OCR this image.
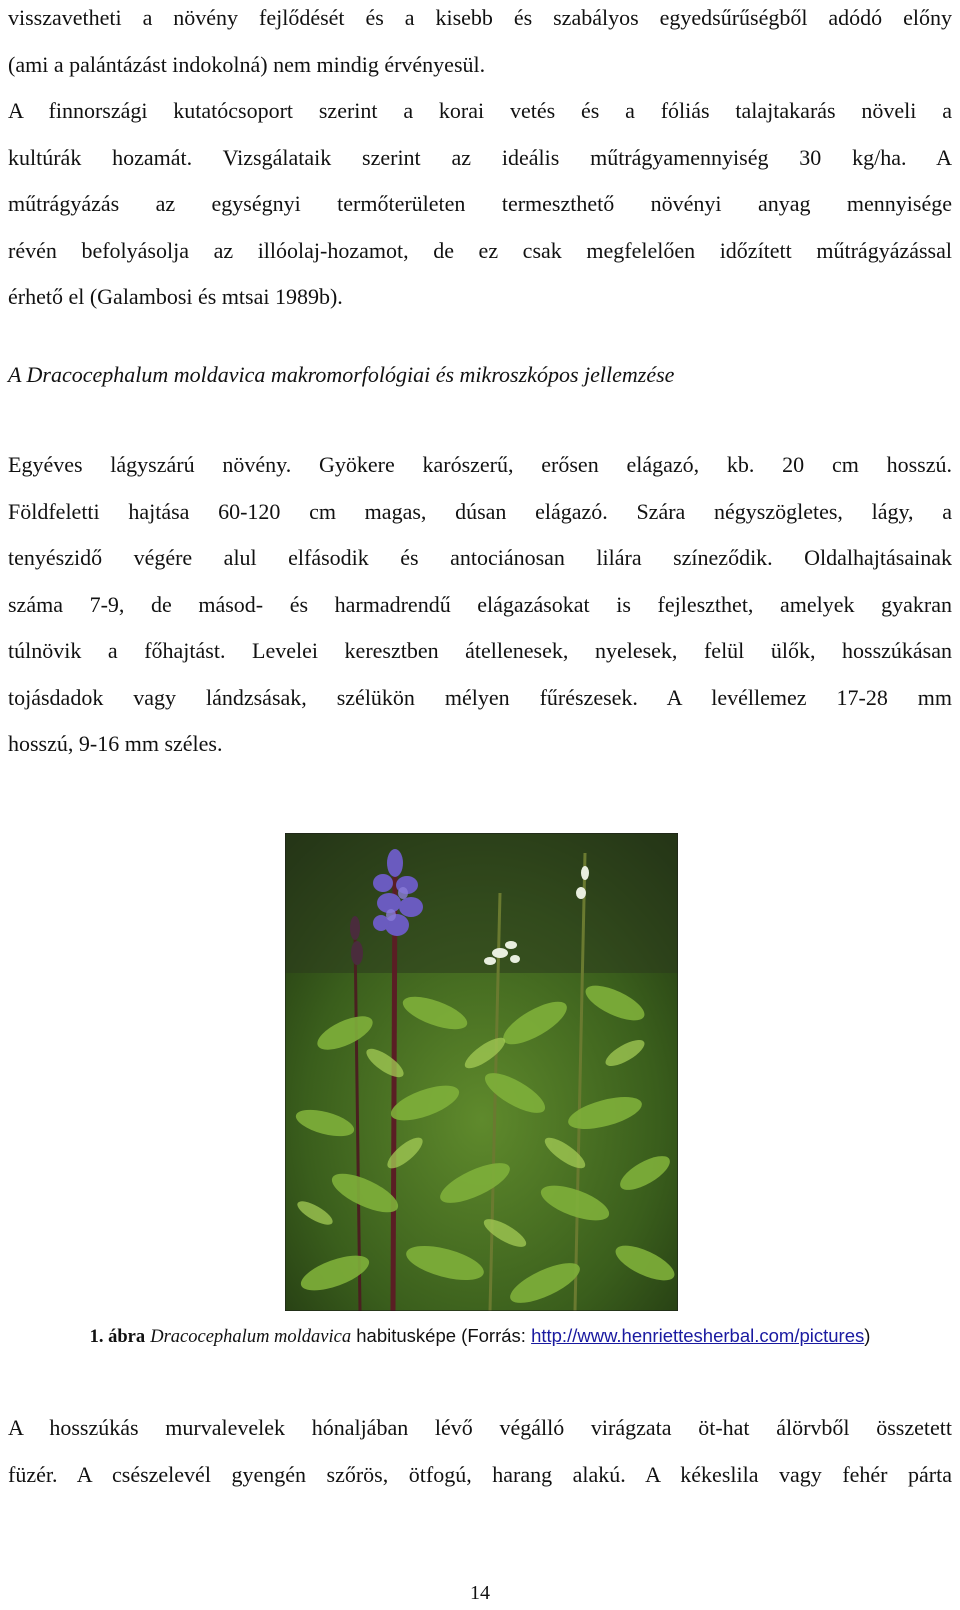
visszavetheti a növény fejlődését és a kisebb és szabályos egyedsűrűségből adódó előny
(ami a palántázást indokolná) nem mindig érvényesül.
A finnországi kutatócsoport szerint a korai vetés és a fóliás talajtakarás növeli a
kultúrák hozamát. Vizsgálataik szerint az ideális műtrágyamennyiség 30 kg/ha. A
műtrágyázás az egységnyi termőterületen termeszthető növényi anyag mennyisége
révén befolyásolja az illóolaj-hozamot, de ez csak megfelelően időzített műtrágyázással
érhető el (Galambosi és mtsai 1989b).
A Dracocephalum moldavica makromorfológiai és mikroszkópos jellemzése
Egyéves lágyszárú növény. Gyökere karószerű, erősen elágazó, kb. 20 cm hosszú.
Földfeletti hajtása 60-120 cm magas, dúsan elágazó. Szára négyszögletes, lágy, a
tenyészidő végére alul elfásodik és antociánosan lilára színeződik. Oldalhajtásainak
száma 7-9, de másod- és harmadrendű elágazásokat is fejleszthet, amelyek gyakran
túlnövik a főhajtást. Levelei keresztben átellenesek, nyelesek, felül ülők, hosszúkásan
tojásdadok vagy lándzsásak, szélükön mélyen fűrészesek. A levéllemez 17-28 mm
hosszú, 9-16 mm széles.
1. ábra Dracocephalum moldavica habitusképe (Forrás: http://www.henriettesherbal.com/pictures)
A hosszúkás murvalevelek hónaljában lévő végálló virágzata öt-hat álörvből összetett
füzér. A csészelevél gyengén szőrös, ötfogú, harang alakú. A kékeslila vagy fehér párta
14
